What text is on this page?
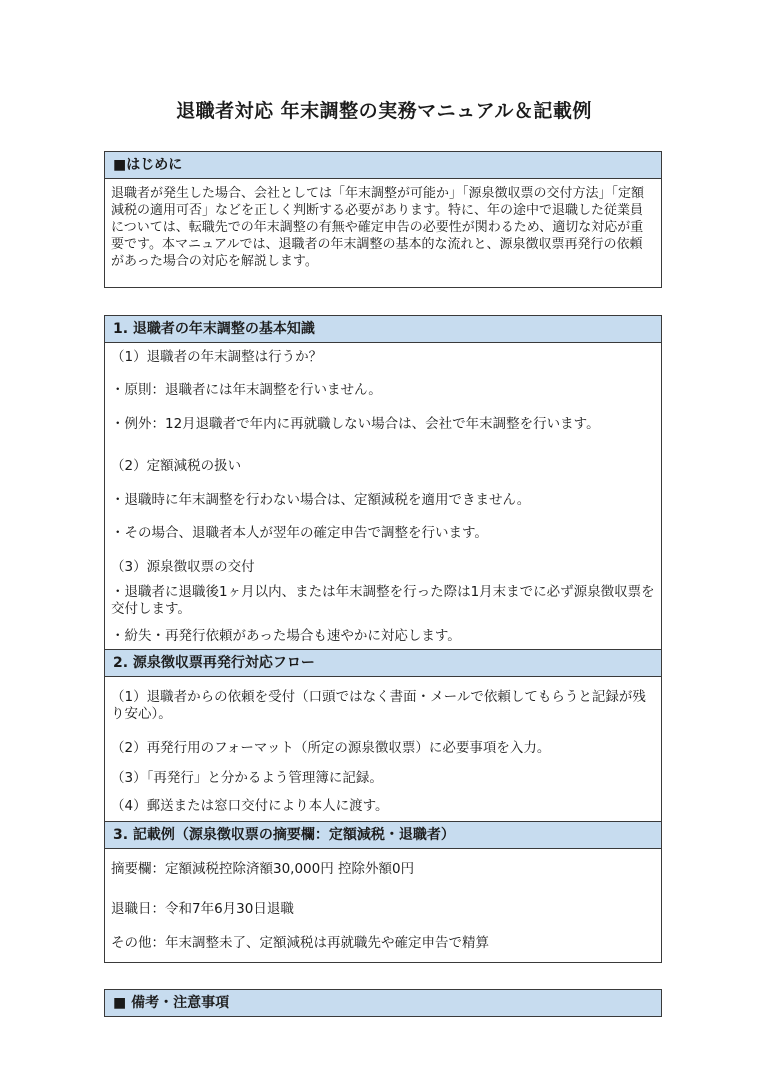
退職者対応 年末調整の実務マニュアル＆記載例
■はじめに
退職者が発生した場合、会社としては「年末調整が可能か」「源泉徴収票の交付方法」「定額減税の適用可否」などを正しく判断する必要があります。特に、年の途中で退職した従業員については、転職先での年末調整の有無や確定申告の必要性が関わるため、適切な対応が重要です。本マニュアルでは、退職者の年末調整の基本的な流れと、源泉徴収票再発行の依頼があった場合の対応を解説します。
1. 退職者の年末調整の基本知識
（1）退職者の年末調整は行うか？
・原則：退職者には年末調整を行いません。
・例外：12月退職者で年内に再就職しない場合は、会社で年末調整を行います。
（2）定額減税の扱い
・退職時に年末調整を行わない場合は、定額減税を適用できません。
・その場合、退職者本人が翌年の確定申告で調整を行います。
（3）源泉徴収票の交付
・退職者に退職後1ヶ月以内、または年末調整を行った際は1月末までに必ず源泉徴収票を交付します。
・紛失・再発行依頼があった場合も速やかに対応します。
2. 源泉徴収票再発行対応フロー
（1）退職者からの依頼を受付（口頭ではなく書面・メールで依頼してもらうと記録が残り安心）。
（2）再発行用のフォーマット（所定の源泉徴収票）に必要事項を入力。
（3）「再発行」と分かるよう管理簿に記録。
（4）郵送または窓口交付により本人に渡す。
3. 記載例（源泉徴収票の摘要欄：定額減税・退職者）
摘要欄：定額減税控除済額30,000円 控除外額0円
退職日：令和7年6月30日退職
その他：年末調整未了、定額減税は再就職先や確定申告で精算
■ 備考・注意事項
